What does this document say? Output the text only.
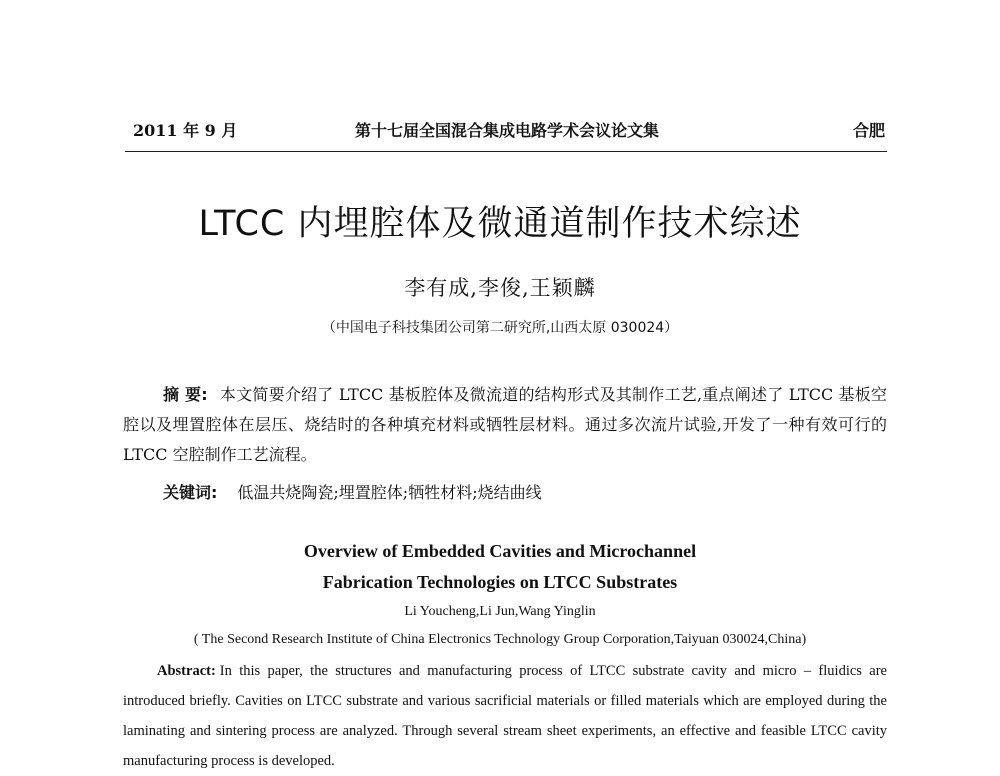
2011 年 9 月	第十七届全国混合集成电路学术会议论文集	合肥
LTCC 内埋腔体及微通道制作技术综述
李有成,李俊,王颖麟
（中国电子科技集团公司第二研究所,山西太原 030024）
摘 要: 本文简要介绍了 LTCC 基板腔体及微流道的结构形式及其制作工艺,重点阐述了 LTCC 基板空腔以及埋置腔体在层压、烧结时的各种填充材料或牺牲层材料。通过多次流片试验,开发了一种有效可行的 LTCC 空腔制作工艺流程。
关键词: 低温共烧陶瓷;埋置腔体;牺牲材料;烧结曲线
Overview of Embedded Cavities and Microchannel
Fabrication Technologies on LTCC Substrates
Li Youcheng,Li Jun,Wang Yinglin
( The Second Research Institute of China Electronics Technology Group Corporation,Taiyuan 030024,China)
Abstract: In this paper, the structures and manufacturing process of LTCC substrate cavity and micro – fluidics are introduced briefly. Cavities on LTCC substrate and various sacrificial materials or filled materials which are employed during the laminating and sintering process are analyzed. Through several stream sheet experiments, an effective and feasible LTCC cavity manufacturing process is developed.
